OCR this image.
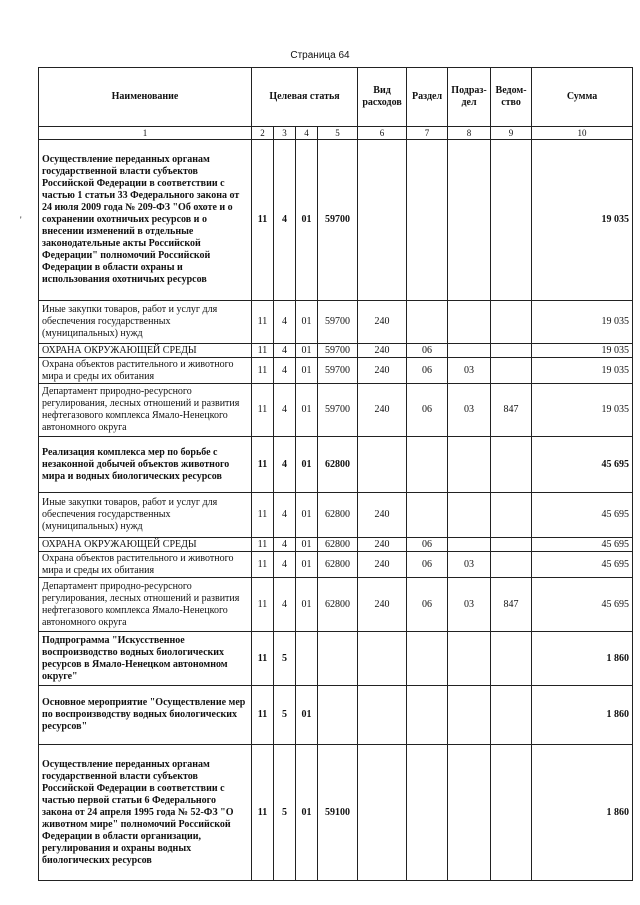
Страница 64
'
Наименование	Целевая статья				Вид расходов	Раздел	Подраз-дел	Ведом-ство	Сумма
1	2	3	4	5	6	7	8	9	10
Осуществление переданных органам государственной власти субъектов Российской Федерации в соответствии с частью 1 статьи 33 Федерального закона от 24 июля 2009 года № 209-ФЗ "Об охоте и о сохранении охотничьих ресурсов и о внесении изменений в отдельные законодательные акты Российской Федерации" полномочий Российской Федерации в области охраны и использования охотничьих ресурсов	11	4	01	59700					19 035
Иные закупки товаров, работ и услуг для обеспечения государственных (муниципальных) нужд	11	4	01	59700	240				19 035
ОХРАНА ОКРУЖАЮЩЕЙ СРЕДЫ	11	4	01	59700	240	06			19 035
Охрана объектов растительного и животного мира и среды их обитания	11	4	01	59700	240	06	03		19 035
Департамент природно-ресурсного регулирования, лесных отношений и развития нефтегазового комплекса Ямало-Ненецкого автономного округа	11	4	01	59700	240	06	03	847	19 035
Реализация комплекса мер по борьбе с незаконной добычей объектов животного мира и водных биологических ресурсов	11	4	01	62800					45 695
Иные закупки товаров, работ и услуг для обеспечения государственных (муниципальных) нужд	11	4	01	62800	240				45 695
ОХРАНА ОКРУЖАЮЩЕЙ СРЕДЫ	11	4	01	62800	240	06			45 695
Охрана объектов растительного и животного мира и среды их обитания	11	4	01	62800	240	06	03		45 695
Департамент природно-ресурсного регулирования, лесных отношений и развития нефтегазового комплекса Ямало-Ненецкого автономного округа	11	4	01	62800	240	06	03	847	45 695
Подпрограмма "Искусственное воспроизводство водных биологических ресурсов в Ямало-Ненецком автономном округе"	11	5							1 860
Основное мероприятие "Осуществление мер по воспроизводству водных биологических ресурсов"	11	5	01						1 860
Осуществление переданных органам государственной власти субъектов Российской Федерации в соответствии с частью первой статьи 6 Федерального закона от 24 апреля 1995 года № 52-ФЗ "О животном мире" полномочий Российской Федерации в области организации, регулирования и охраны водных биологических ресурсов	11	5	01	59100					1 860
